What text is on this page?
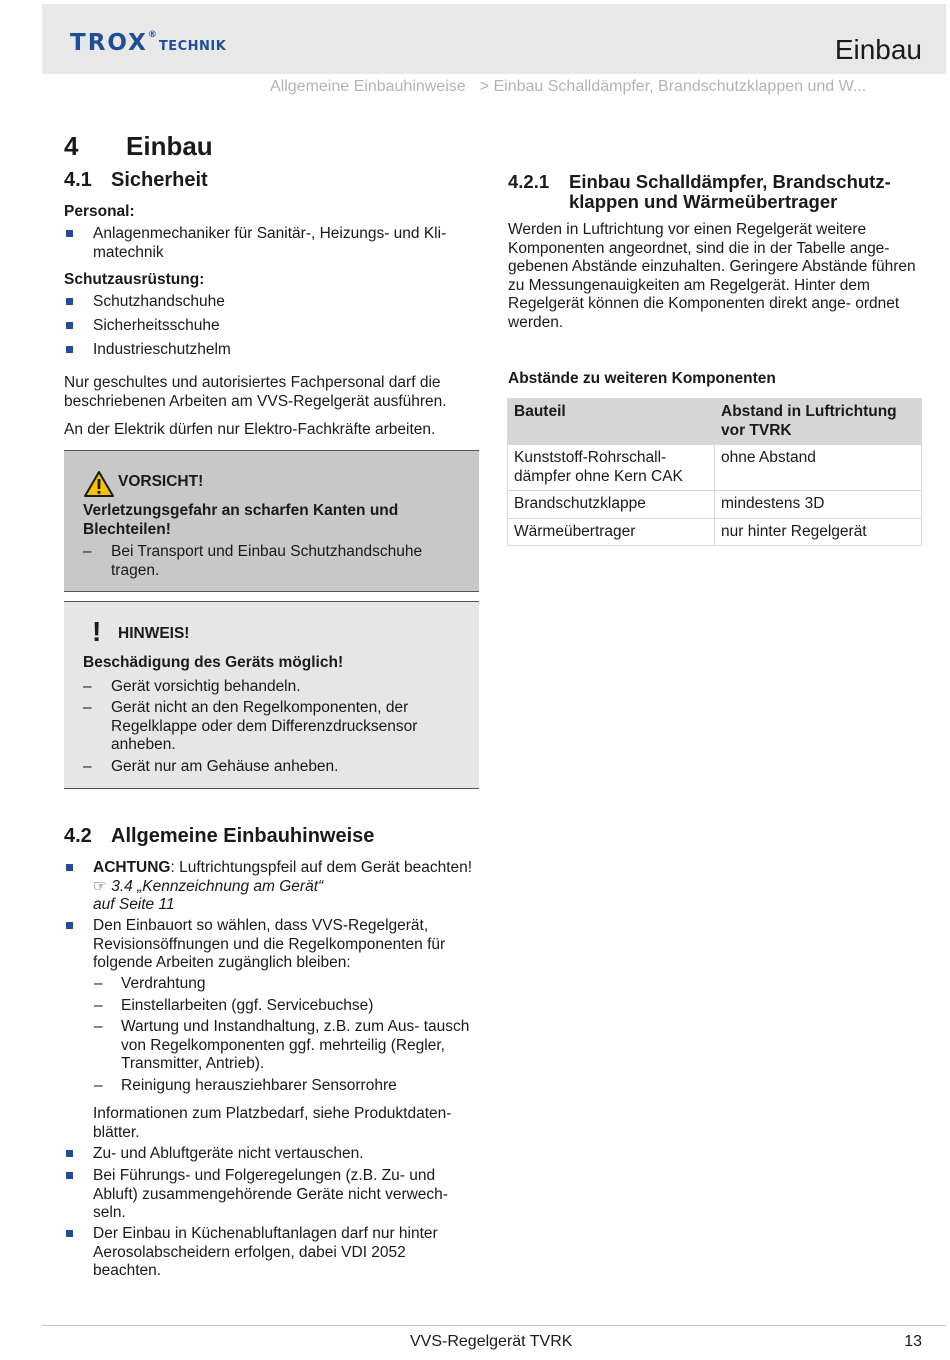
TROX®TECHNIK	Einbau
Allgemeine Einbauhinweise > Einbau Schalldämpfer, Brandschutzklappen und W...
4 Einbau
4.1 Sicherheit
Personal:
Anlagenmechaniker für Sanitär-, Heizungs- und Kli- matechnik
Schutzausrüstung:
Schutzhandschuhe
Sicherheitsschuhe
Industrieschutzhelm
Nur geschultes und autorisiertes Fachpersonal darf die beschriebenen Arbeiten am VVS-Regelgerät ausführen.
An der Elektrik dürfen nur Elektro-Fachkräfte arbeiten.
VORSICHT!
Verletzungsgefahr an scharfen Kanten und Blechteilen!
– Bei Transport und Einbau Schutzhandschuhe tragen.
! HINWEIS!
Beschädigung des Geräts möglich!
– Gerät vorsichtig behandeln.
– Gerät nicht an den Regelkomponenten, der Regelklappe oder dem Differenzdrucksensor anheben.
– Gerät nur am Gehäuse anheben.
4.2 Allgemeine Einbauhinweise
ACHTUNG: Luftrichtungspfeil auf dem Gerät beachten! ☞ 3.4 „Kennzeichnung am Gerät“
auf Seite 11
Den Einbauort so wählen, dass VVS-Regelgerät, Revisionsöffnungen und die Regelkomponenten für folgende Arbeiten zugänglich bleiben:
– Verdrahtung
– Einstellarbeiten (ggf. Servicebuchse)
– Wartung und Instandhaltung, z.B. zum Aus- tausch von Regelkomponenten ggf. mehrteilig (Regler, Transmitter, Antrieb).
– Reinigung herausziehbarer Sensorrohre
Informationen zum Platzbedarf, siehe Produktdaten- blätter.
Zu- und Abluftgeräte nicht vertauschen.
Bei Führungs- und Folgeregelungen (z.B. Zu- und Abluft) zusammengehörende Geräte nicht verwech- seln.
Der Einbau in Küchenabluftanlagen darf nur hinter Aerosolabscheidern erfolgen, dabei VDI 2052 beachten.
4.2.1 Einbau Schalldämpfer, Brandschutz- klappen und Wärmeübertrager
Werden in Luftrichtung vor einen Regelgerät weitere Komponenten angeordnet, sind die in der Tabelle ange- gebenen Abstände einzuhalten. Geringere Abstände führen zu Messungenauigkeiten am Regelgerät. Hinter dem Regelgerät können die Komponenten direkt ange- ordnet werden.
Abstände zu weiteren Komponenten
Bauteil	Abstand in Luftrichtung vor TVRK
Kunststoff-Rohrschall- dämpfer ohne Kern CAK	ohne Abstand
Brandschutzklappe	mindestens 3D
Wärmeübertrager	nur hinter Regelgerät
VVS-Regelgerät TVRK	13
